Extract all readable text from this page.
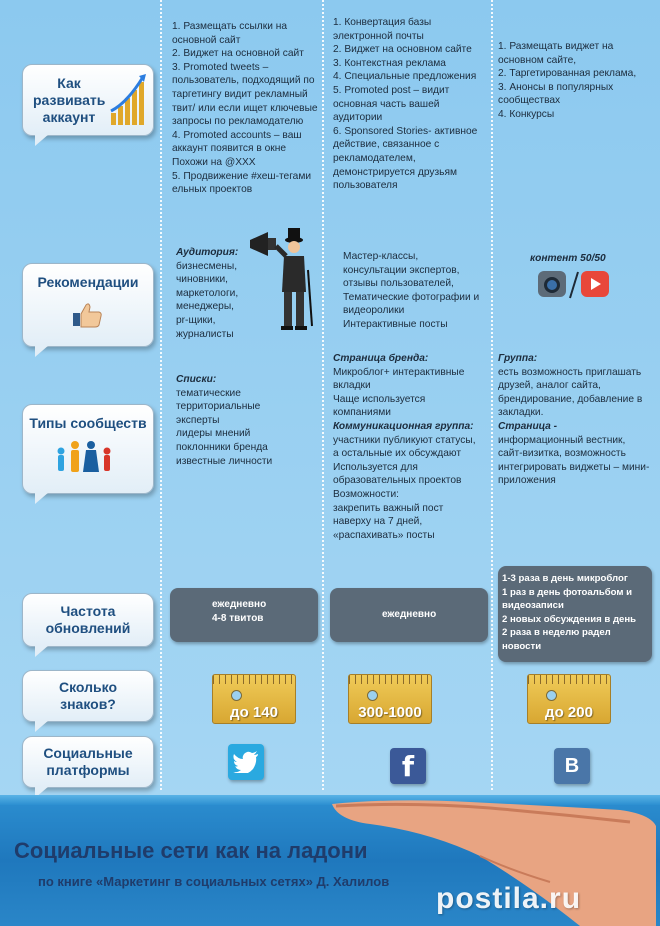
Как развивать аккаунт
Рекомендации
Типы сообществ
Частота обновлений
Сколько знаков?
Социальные платформы

1. Размещать ссылки на основной сайт

2. Виджет на основной сайт

3. Promoted tweets – пользователь, подходящий по таргетингу видит рекламный твит/ или если ищет ключевые запросы по рекламодателю

4. Promoted accounts – ваш аккаунт появится в окне Похожи на @XXX

5. Продвижение #хеш-тегами ельных проектов

Аудитория:

бизнесмены,

чиновники,

маркетологи,

менеджеры,

pr-щики,

журналисты

Списки:

тематические

территориальные

эксперты

лидеры мнений

поклонники бренда

известные личности

ежедневно

4-8 твитов

до 140

1. Конвертация базы электронной почты

2. Виджет на основном сайте

3. Контекстная реклама

4. Специальные предложения

5. Promoted post – видит основная часть вашей аудитории

6. Sponsored Stories- активное действие, связанное с рекламодателем, демонстрируется друзьям пользователя

Мастер-классы,

консультации экспертов,

отзывы пользователей,

Тематические фотографии и видеоролики

Интерактивные посты

Страница бренда:

Микроблог+ интерактивные вкладки

Чаще используется компаниями

Коммуникационная группа:

участники публикуют статусы, а остальные их обсуждают

Используется для образовательных проектов

Возможности:

закрепить важный пост наверху на 7 дней, «распахивать» посты

ежедневно
300-1000
f

1. Размещать виджет на основном сайте,

2. Таргетированная реклама,

3. Анонсы в популярных сообществах

4. Конкурсы

контент 50/50

Группа:

есть возможность приглашать друзей, аналог сайта, брендирование, добавление в закладки.

Страница -

информационный вестник, сайт-визитка, возможность интегрировать виджеты – мини-приложения

1-3 раза в день микроблог

1 раз в день фотоальбом и видеозаписи

2 новых обсуждения в день

2 раза в неделю радел новости

до 200
B
Социальные сети как на ладони
по книге «Маркетинг в социальных сетях» Д. Халилов
postila.ru
